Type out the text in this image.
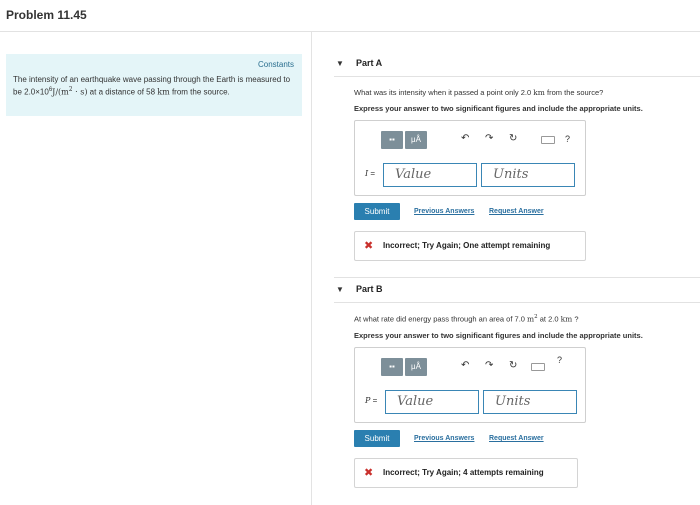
Problem 11.45
Constants
The intensity of an earthquake wave passing through the Earth is measured to be $2.0\times 10^6J/(m^2 \cdot s)$ at a distance of 58 km from the source.
▼ Part A
What was its intensity when it passed a point only 2.0 km from the source?
Express your answer to two significant figures and include the appropriate units.
▪▪	μÅ	↶ ↷ ↻	?
I =	Value	Units
Submit	Previous Answers Request Answer
✖ Incorrect; Try Again; One attempt remaining
▼ Part B
At what rate did energy pass through an area of 7.0 $m^2$ at 2.0 km ?
Express your answer to two significant figures and include the appropriate units.
▪▪	μÅ	↶ ↷ ↻	?
P =	Value	Units
Submit	Previous Answers Request Answer
✖ Incorrect; Try Again; 4 attempts remaining
